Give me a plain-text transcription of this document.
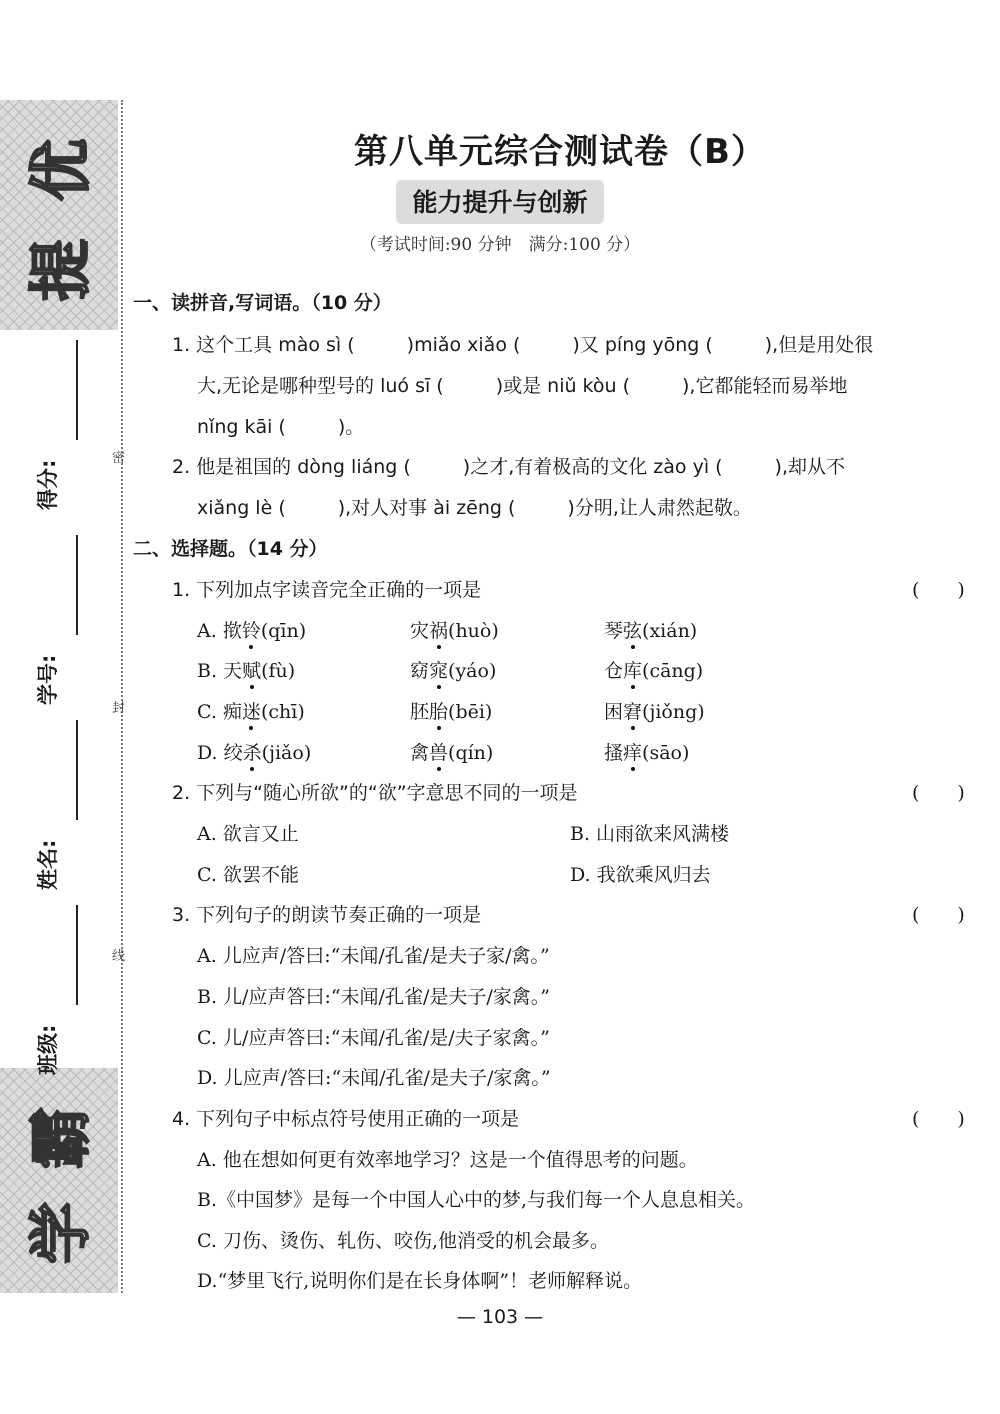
优
提
霸
学
密
封
线
得分:
学号:
姓名:
班级:
第八单元综合测试卷（B）
能力提升与创新
（考试时间:90 分钟　满分:100 分）
一、读拼音,写词语。（10 分）
1. 这个工具 mào sì (	)miǎo xiǎo (	)又 píng yōng (	),但是用处很
大,无论是哪种型号的 luó sī (	)或是 niǔ kòu (	),它都能轻而易举地
nǐng kāi (	)。
2. 他是祖国的 dòng liáng (	)之才,有着极高的文化 zào yì (	),却从不
xiǎng lè (	),对人对事 ài zēng (	)分明,让人肃然起敬。
二、选择题。（14 分）
1. 下列加点字读音完全正确的一项是	(　　)
A. 揿铃(qīn)	灾祸(huò)	琴弦(xián)
B. 天赋(fù)	窈窕(yáo)	仓库(cāng)
C. 痴迷(chī)	胚胎(bēi)	困窘(jiǒng)
D. 绞杀(jiǎo)	禽兽(qín)	搔痒(sāo)
2. 下列与“随心所欲”的“欲”字意思不同的一项是	(　　)
A. 欲言又止	B. 山雨欲来风满楼
C. 欲罢不能	D. 我欲乘风归去
3. 下列句子的朗读节奏正确的一项是	(　　)
A. 儿应声/答曰:“未闻/孔雀/是夫子家/禽。”
B. 儿/应声答曰:“未闻/孔雀/是夫子/家禽。”
C. 儿/应声答曰:“未闻/孔雀/是/夫子家禽。”
D. 儿应声/答曰:“未闻/孔雀/是夫子/家禽。”
4. 下列句子中标点符号使用正确的一项是	(　　)
A. 他在想如何更有效率地学习？这是一个值得思考的问题。
B.《中国梦》是每一个中国人心中的梦,与我们每一个人息息相关。
C. 刀伤、烫伤、轧伤、咬伤,他消受的机会最多。
D.“梦里飞行,说明你们是在长身体啊”！老师解释说。
— 103 —
